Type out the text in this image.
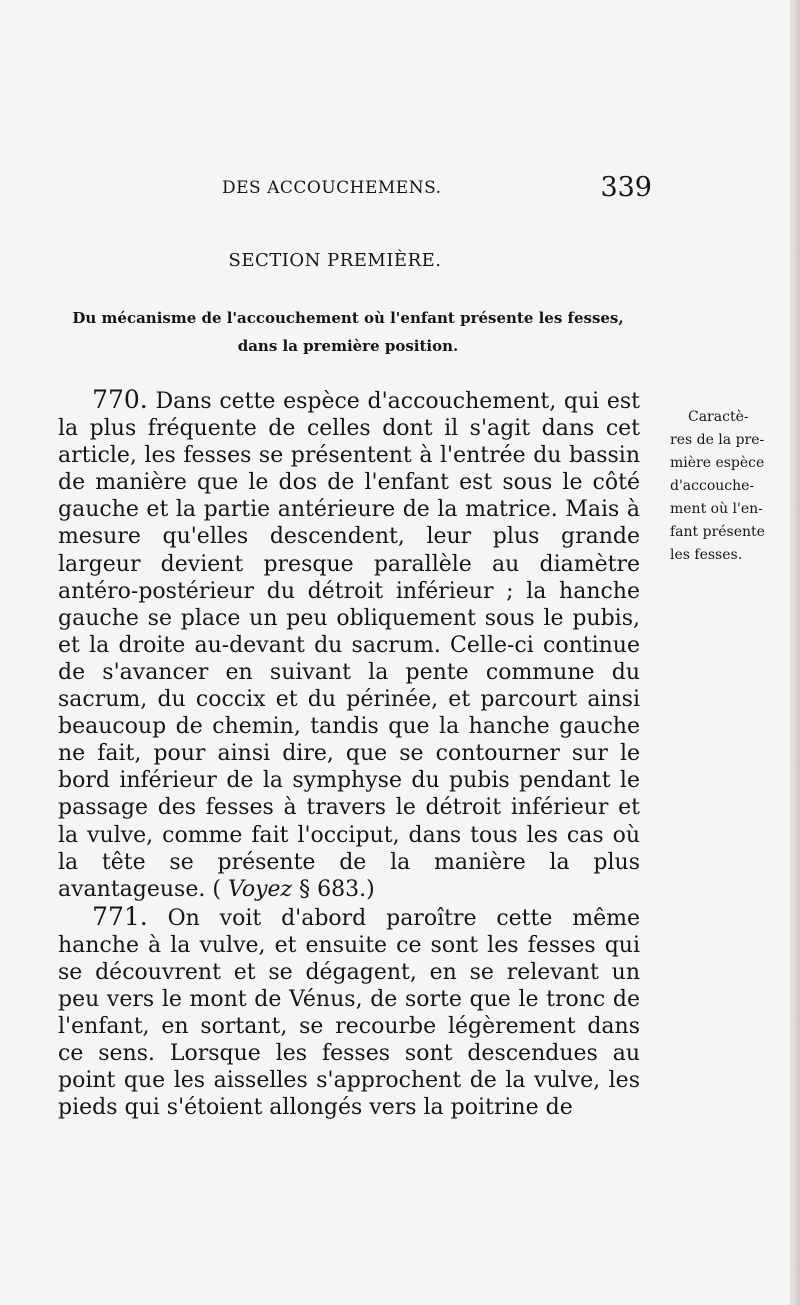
DES ACCOUCHEMENS.	339
SECTION PREMIÈRE.
Du mécanisme de l'accouchement où l'enfant présente les fesses, dans la première position.

770. Dans cette espèce d'accouchement, qui est la plus fréquente de celles dont il s'agit dans cet article, les fesses se présentent à l'entrée du bassin de manière que le dos de l'enfant est sous le côté gauche et la partie antérieure de la matrice. Mais à mesure qu'elles descendent, leur plus grande largeur devient presque parallèle au diamètre antéro-postérieur du détroit inférieur ; la hanche gauche se place un peu obliquement sous le pubis, et la droite au-devant du sacrum. Celle-ci continue de s'avancer en suivant la pente commune du sacrum, du coccix et du périnée, et parcourt ainsi beaucoup de chemin, tandis que la hanche gauche ne fait, pour ainsi dire, que se contourner sur le bord inférieur de la symphyse du pubis pendant le passage des fesses à travers le détroit inférieur et la vulve, comme fait l'occiput, dans tous les cas où la tête se présente de la manière la plus avantageuse. ( Voyez § 683.)

771. On voit d'abord paroître cette même hanche à la vulve, et ensuite ce sont les fesses qui se découvrent et se dégagent, en se relevant un peu vers le mont de Vénus, de sorte que le tronc de l'enfant, en sortant, se recourbe légèrement dans ce sens. Lorsque les fesses sont descendues au point que les aisselles s'approchent de la vulve, les pieds qui s'étoient allongés vers la poitrine de

Caractè-
res de la pre-
mière espèce
d'accouche-
ment où l'en-
fant présente
les fesses.
